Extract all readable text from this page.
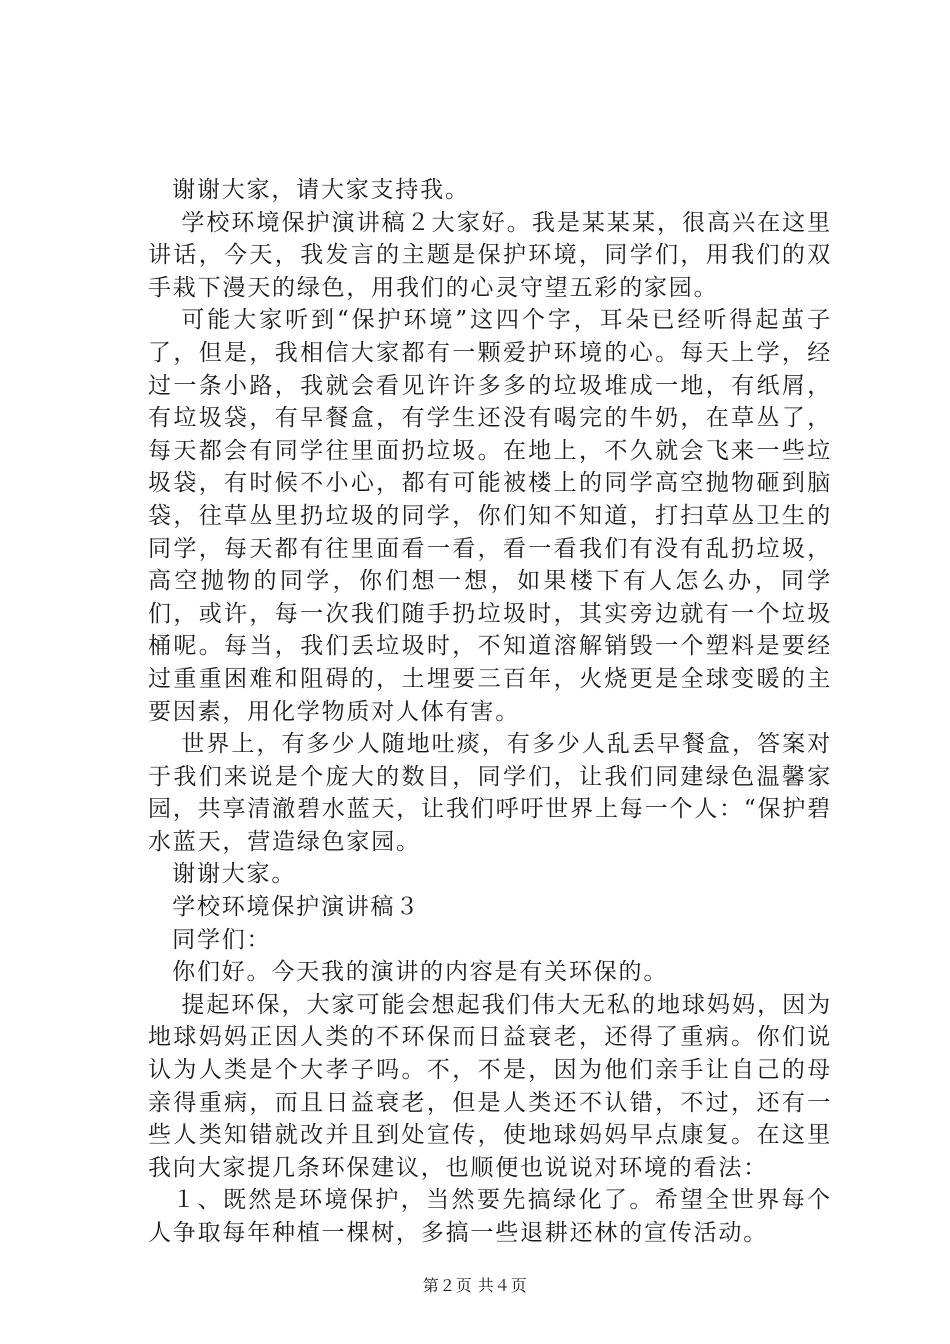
谢谢大家，请大家支持我。

学校环境保护演讲稿２大家好。我是某某某，很高兴在这里讲话，今天，我发言的主题是保护环境，同学们，用我们的双手栽下漫天的绿色，用我们的心灵守望五彩的家园。

可能大家听到“保护环境”这四个字，耳朵已经听得起茧子了，但是，我相信大家都有一颗爱护环境的心。每天上学，经过一条小路，我就会看见许许多多的垃圾堆成一地，有纸屑，有垃圾袋，有早餐盒，有学生还没有喝完的牛奶，在草丛了，每天都会有同学往里面扔垃圾。在地上，不久就会飞来一些垃圾袋，有时候不小心，都有可能被楼上的同学高空抛物砸到脑袋，往草丛里扔垃圾的同学，你们知不知道，打扫草丛卫生的同学，每天都有往里面看一看，看一看我们有没有乱扔垃圾，高空抛物的同学，你们想一想，如果楼下有人怎么办，同学们，或许，每一次我们随手扔垃圾时，其实旁边就有一个垃圾桶呢。每当，我们丢垃圾时，不知道溶解销毁一个塑料是要经过重重困难和阻碍的，土埋要三百年，火烧更是全球变暖的主要因素，用化学物质对人体有害。

世界上，有多少人随地吐痰，有多少人乱丢早餐盒，答案对于我们来说是个庞大的数目，同学们，让我们同建绿色温馨家园，共享清澈碧水蓝天，让我们呼吁世界上每一个人：“保护碧水蓝天，营造绿色家园。

谢谢大家。

学校环境保护演讲稿３

同学们：

你们好。今天我的演讲的内容是有关环保的。

提起环保，大家可能会想起我们伟大无私的地球妈妈，因为地球妈妈正因人类的不环保而日益衰老，还得了重病。你们说认为人类是个大孝子吗。不，不是，因为他们亲手让自己的母亲得重病，而且日益衰老，但是人类还不认错，不过，还有一些人类知错就改并且到处宣传，使地球妈妈早点康复。在这里我向大家提几条环保建议，也顺便也说说对环境的看法：

１、既然是环境保护，当然要先搞绿化了。希望全世界每个人争取每年种植一棵树，多搞一些退耕还林的宣传活动。

第２页 共４页
